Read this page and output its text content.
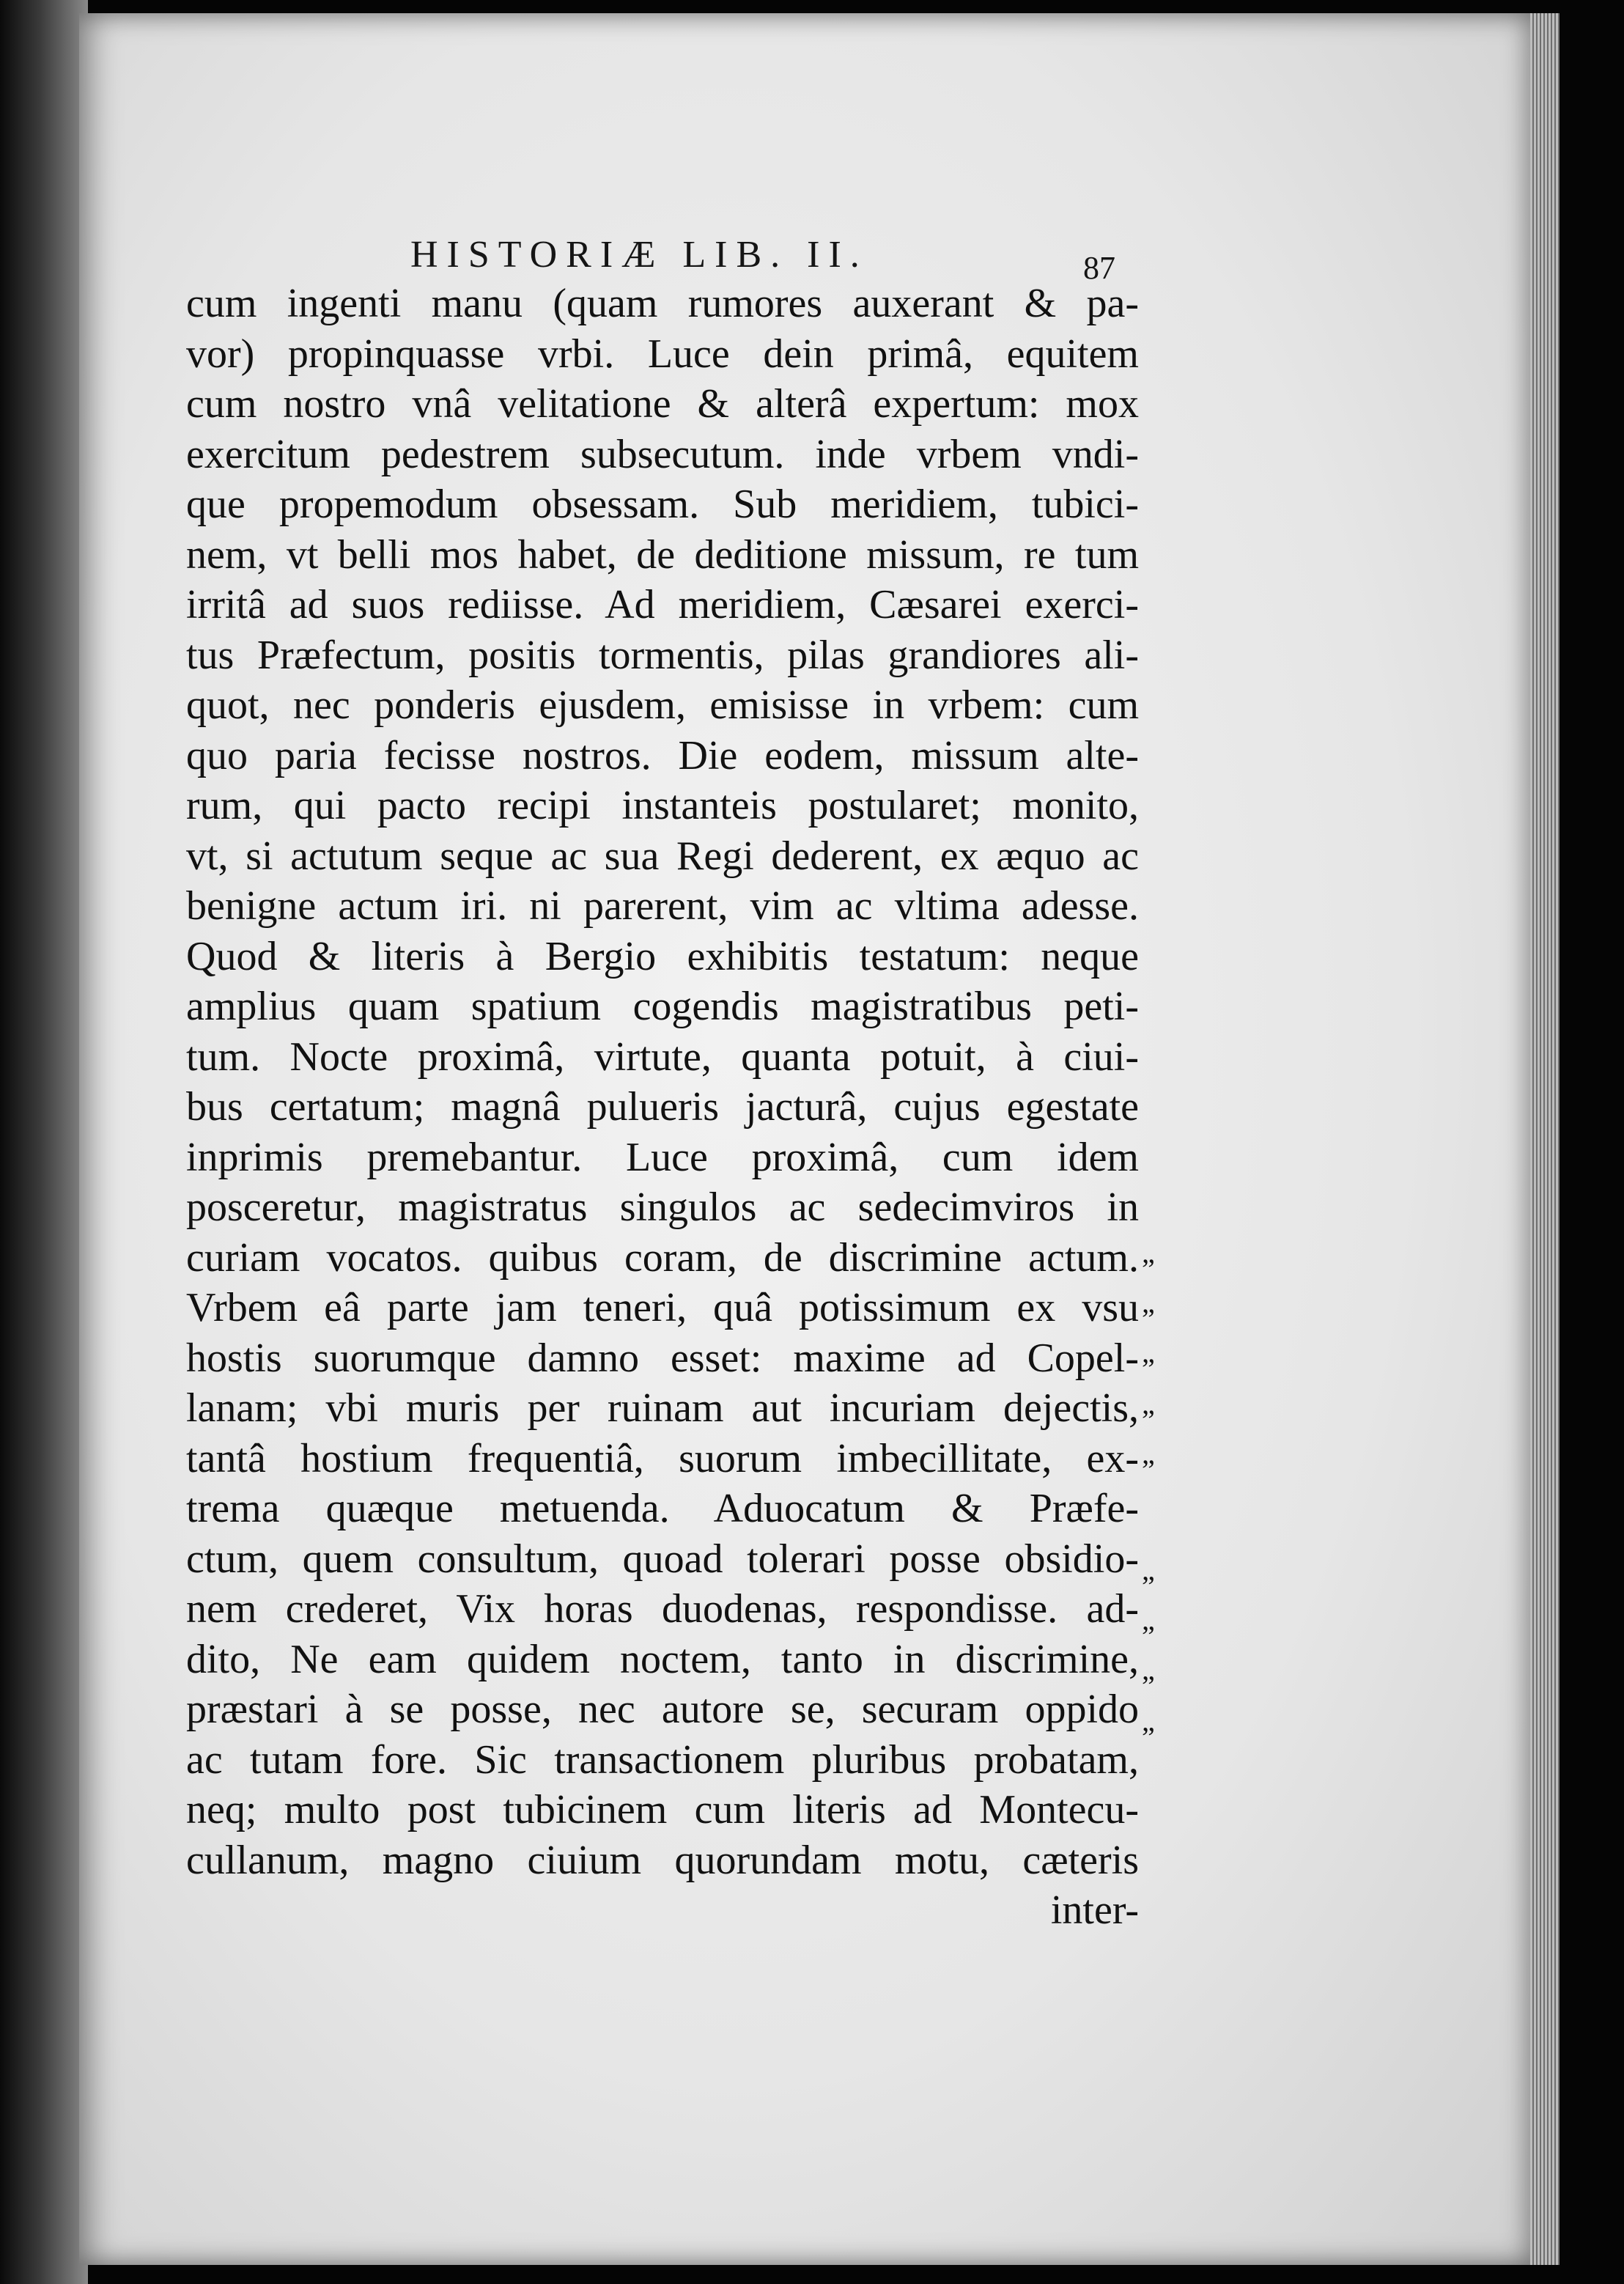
HISTORIÆ LIB. II.	87
cum ingenti manu (quam rumores auxerant & pa-
vor) propinquasse vrbi. Luce dein primâ, equitem
cum nostro vnâ velitatione & alterâ expertum: mox
exercitum pedestrem subsecutum. inde vrbem vndi-
que propemodum obsessam. Sub meridiem, tubici-
nem, vt belli mos habet, de deditione missum, re tum
irritâ ad suos rediisse. Ad meridiem, Cæsarei exerci-
tus Præfectum, positis tormentis, pilas grandiores ali-
quot, nec ponderis ejusdem, emisisse in vrbem: cum
quo paria fecisse nostros. Die eodem, missum alte-
rum, qui pacto recipi instanteis postularet; monito,
vt, si actutum seque ac sua Regi dederent, ex æquo ac
benigne actum iri. ni parerent, vim ac vltima adesse.
Quod & literis à Bergio exhibitis testatum: neque
amplius quam spatium cogendis magistratibus peti-
tum. Nocte proximâ, virtute, quanta potuit, à ciui-
bus certatum; magnâ pulueris jacturâ, cujus egestate
inprimis premebantur. Luce proximâ, cum idem
posceretur, magistratus singulos ac sedecimviros in
curiam vocatos. quibus coram, de discrimine actum.
Vrbem eâ parte jam teneri, quâ potissimum ex vsu
hostis suorumque damno esset: maxime ad Copel-
lanam; vbi muris per ruinam aut incuriam dejectis,
tantâ hostium frequentiâ, suorum imbecillitate, ex-
trema quæque metuenda. Aduocatum & Præfe-
ctum, quem consultum, quoad tolerari posse obsidio-
nem crederet, Vix horas duodenas, respondisse. ad-
dito, Ne eam quidem noctem, tanto in discrimine,
præstari à se posse, nec autore se, securam oppido
ac tutam fore. Sic transactionem pluribus probatam,
neq; multo post tubicinem cum literis ad Montecu-
cullanum, magno ciuium quorundam motu, cæteris
inter-
”
”
”
”
”
„
„
„
„
